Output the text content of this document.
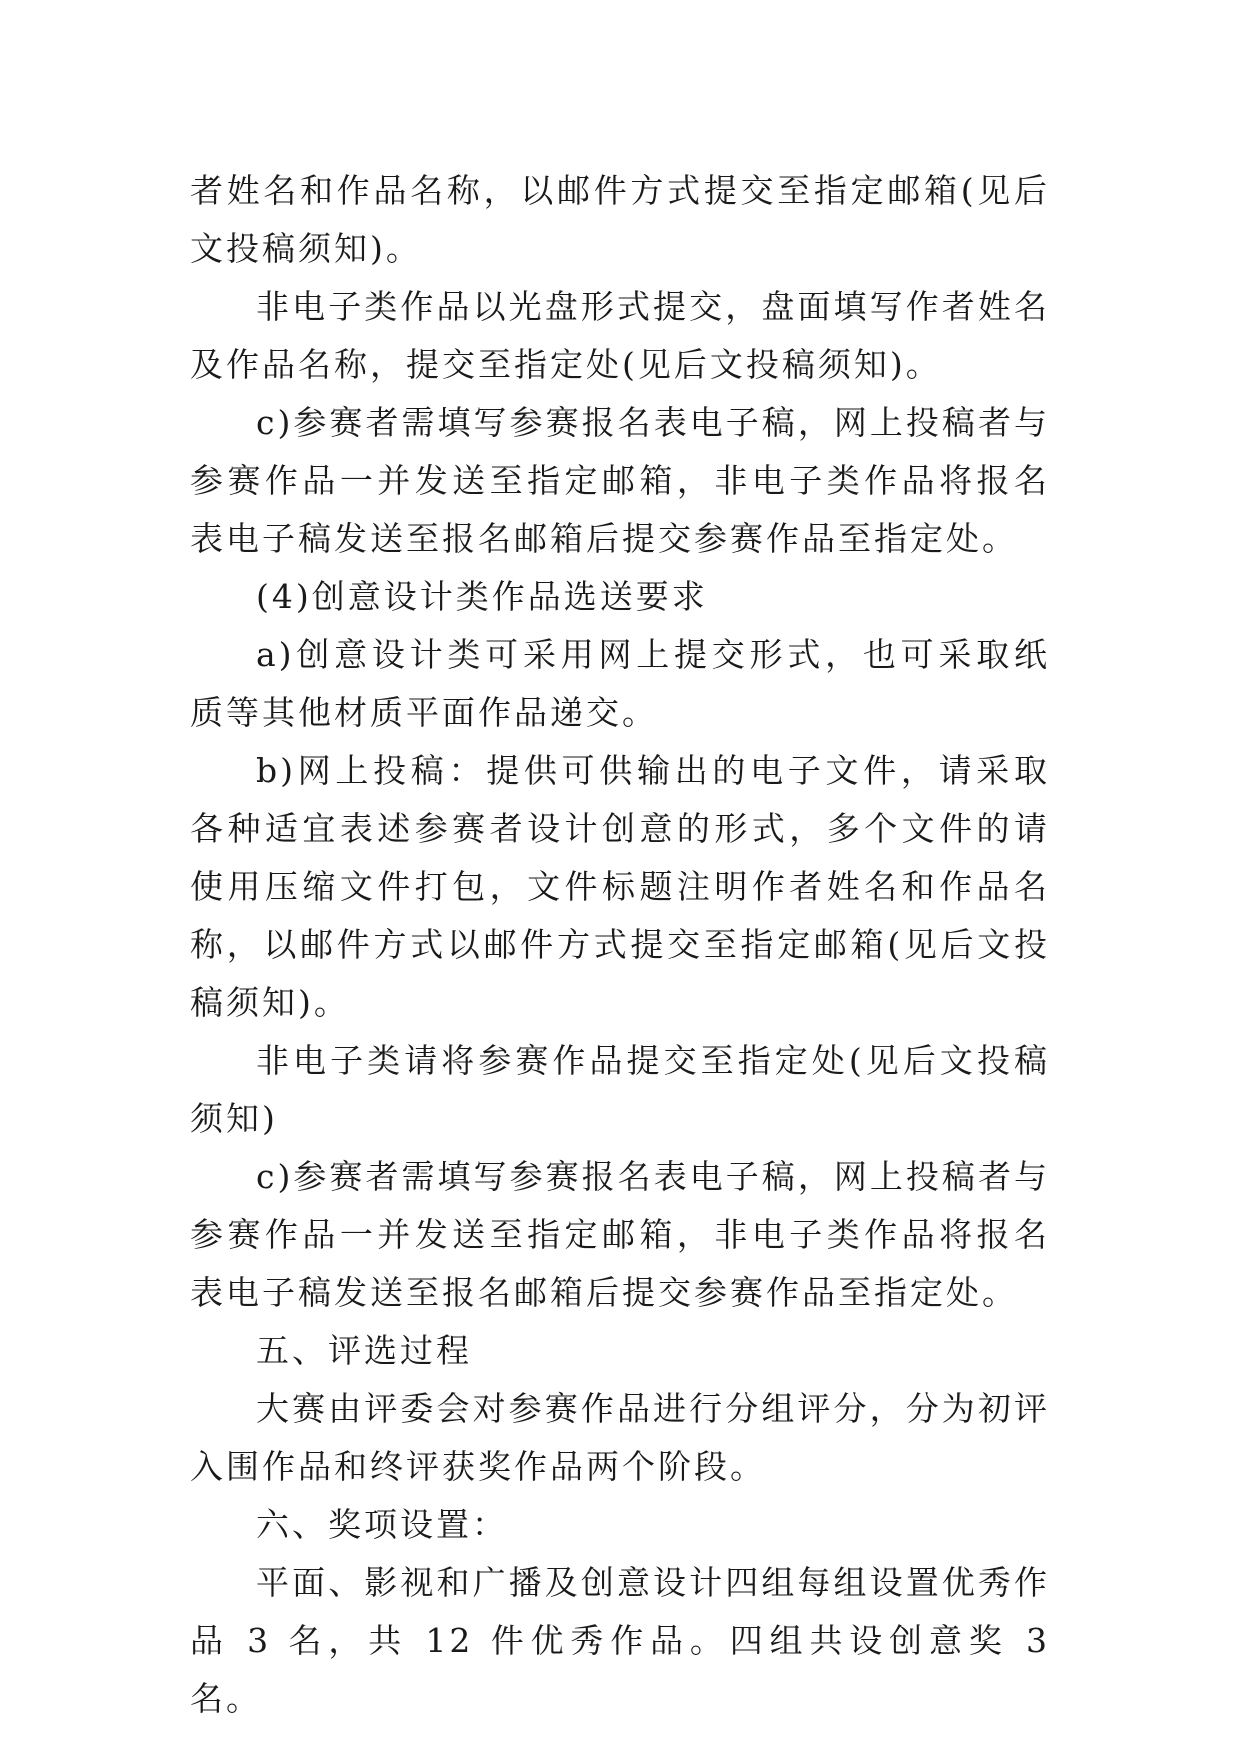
者姓名和作品名称，以邮件方式提交至指定邮箱(见后文投稿须知)。

非电子类作品以光盘形式提交，盘面填写作者姓名及作品名称，提交至指定处(见后文投稿须知)。

c)参赛者需填写参赛报名表电子稿，网上投稿者与参赛作品一并发送至指定邮箱，非电子类作品将报名表电子稿发送至报名邮箱后提交参赛作品至指定处。

(4)创意设计类作品选送要求

a)创意设计类可采用网上提交形式，也可采取纸质等其他材质平面作品递交。

b)网上投稿：提供可供输出的电子文件，请采取各种适宜表述参赛者设计创意的形式，多个文件的请使用压缩文件打包，文件标题注明作者姓名和作品名称，以邮件方式以邮件方式提交至指定邮箱(见后文投稿须知)。

非电子类请将参赛作品提交至指定处(见后文投稿须知)

c)参赛者需填写参赛报名表电子稿，网上投稿者与参赛作品一并发送至指定邮箱，非电子类作品将报名表电子稿发送至报名邮箱后提交参赛作品至指定处。

五、评选过程

大赛由评委会对参赛作品进行分组评分，分为初评入围作品和终评获奖作品两个阶段。

六、奖项设置：

平面、影视和广播及创意设计四组每组设置优秀作品 3 名，共 12 件优秀作品。四组共设创意奖 3 名。
